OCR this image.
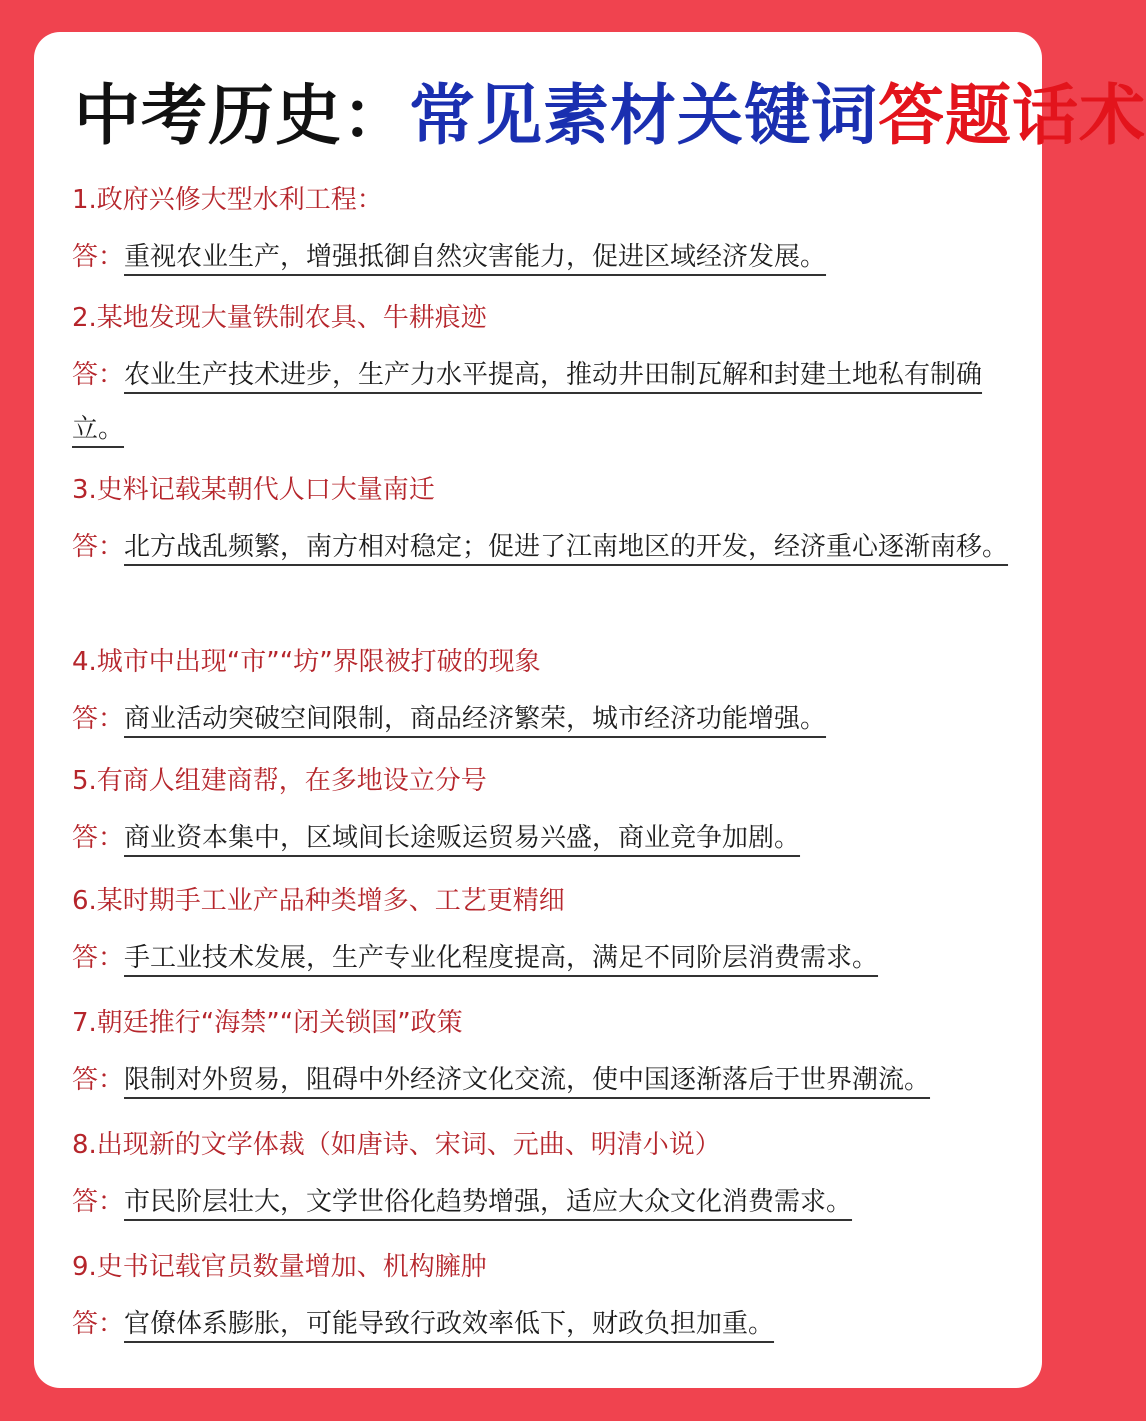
中考历史：常见素材关键词答题话术

1.政府兴修大型水利工程：

答：重视农业生产，增强抵御自然灾害能力，促进区域经济发展。

2.某地发现大量铁制农具、牛耕痕迹

答：农业生产技术进步，生产力水平提高，推动井田制瓦解和封建土地私有制确立。

3.史料记载某朝代人口大量南迁

答：北方战乱频繁，南方相对稳定；促进了江南地区的开发，经济重心逐渐南移。

4.城市中出现“市”“坊”界限被打破的现象

答：商业活动突破空间限制，商品经济繁荣，城市经济功能增强。

5.有商人组建商帮，在多地设立分号

答：商业资本集中，区域间长途贩运贸易兴盛，商业竞争加剧。

6.某时期手工业产品种类增多、工艺更精细

答：手工业技术发展，生产专业化程度提高，满足不同阶层消费需求。

7.朝廷推行“海禁”“闭关锁国”政策

答：限制对外贸易，阻碍中外经济文化交流，使中国逐渐落后于世界潮流。

8.出现新的文学体裁（如唐诗、宋词、元曲、明清小说）

答：市民阶层壮大，文学世俗化趋势增强，适应大众文化消费需求。

9.史书记载官员数量增加、机构臃肿

答：官僚体系膨胀，可能导致行政效率低下，财政负担加重。
